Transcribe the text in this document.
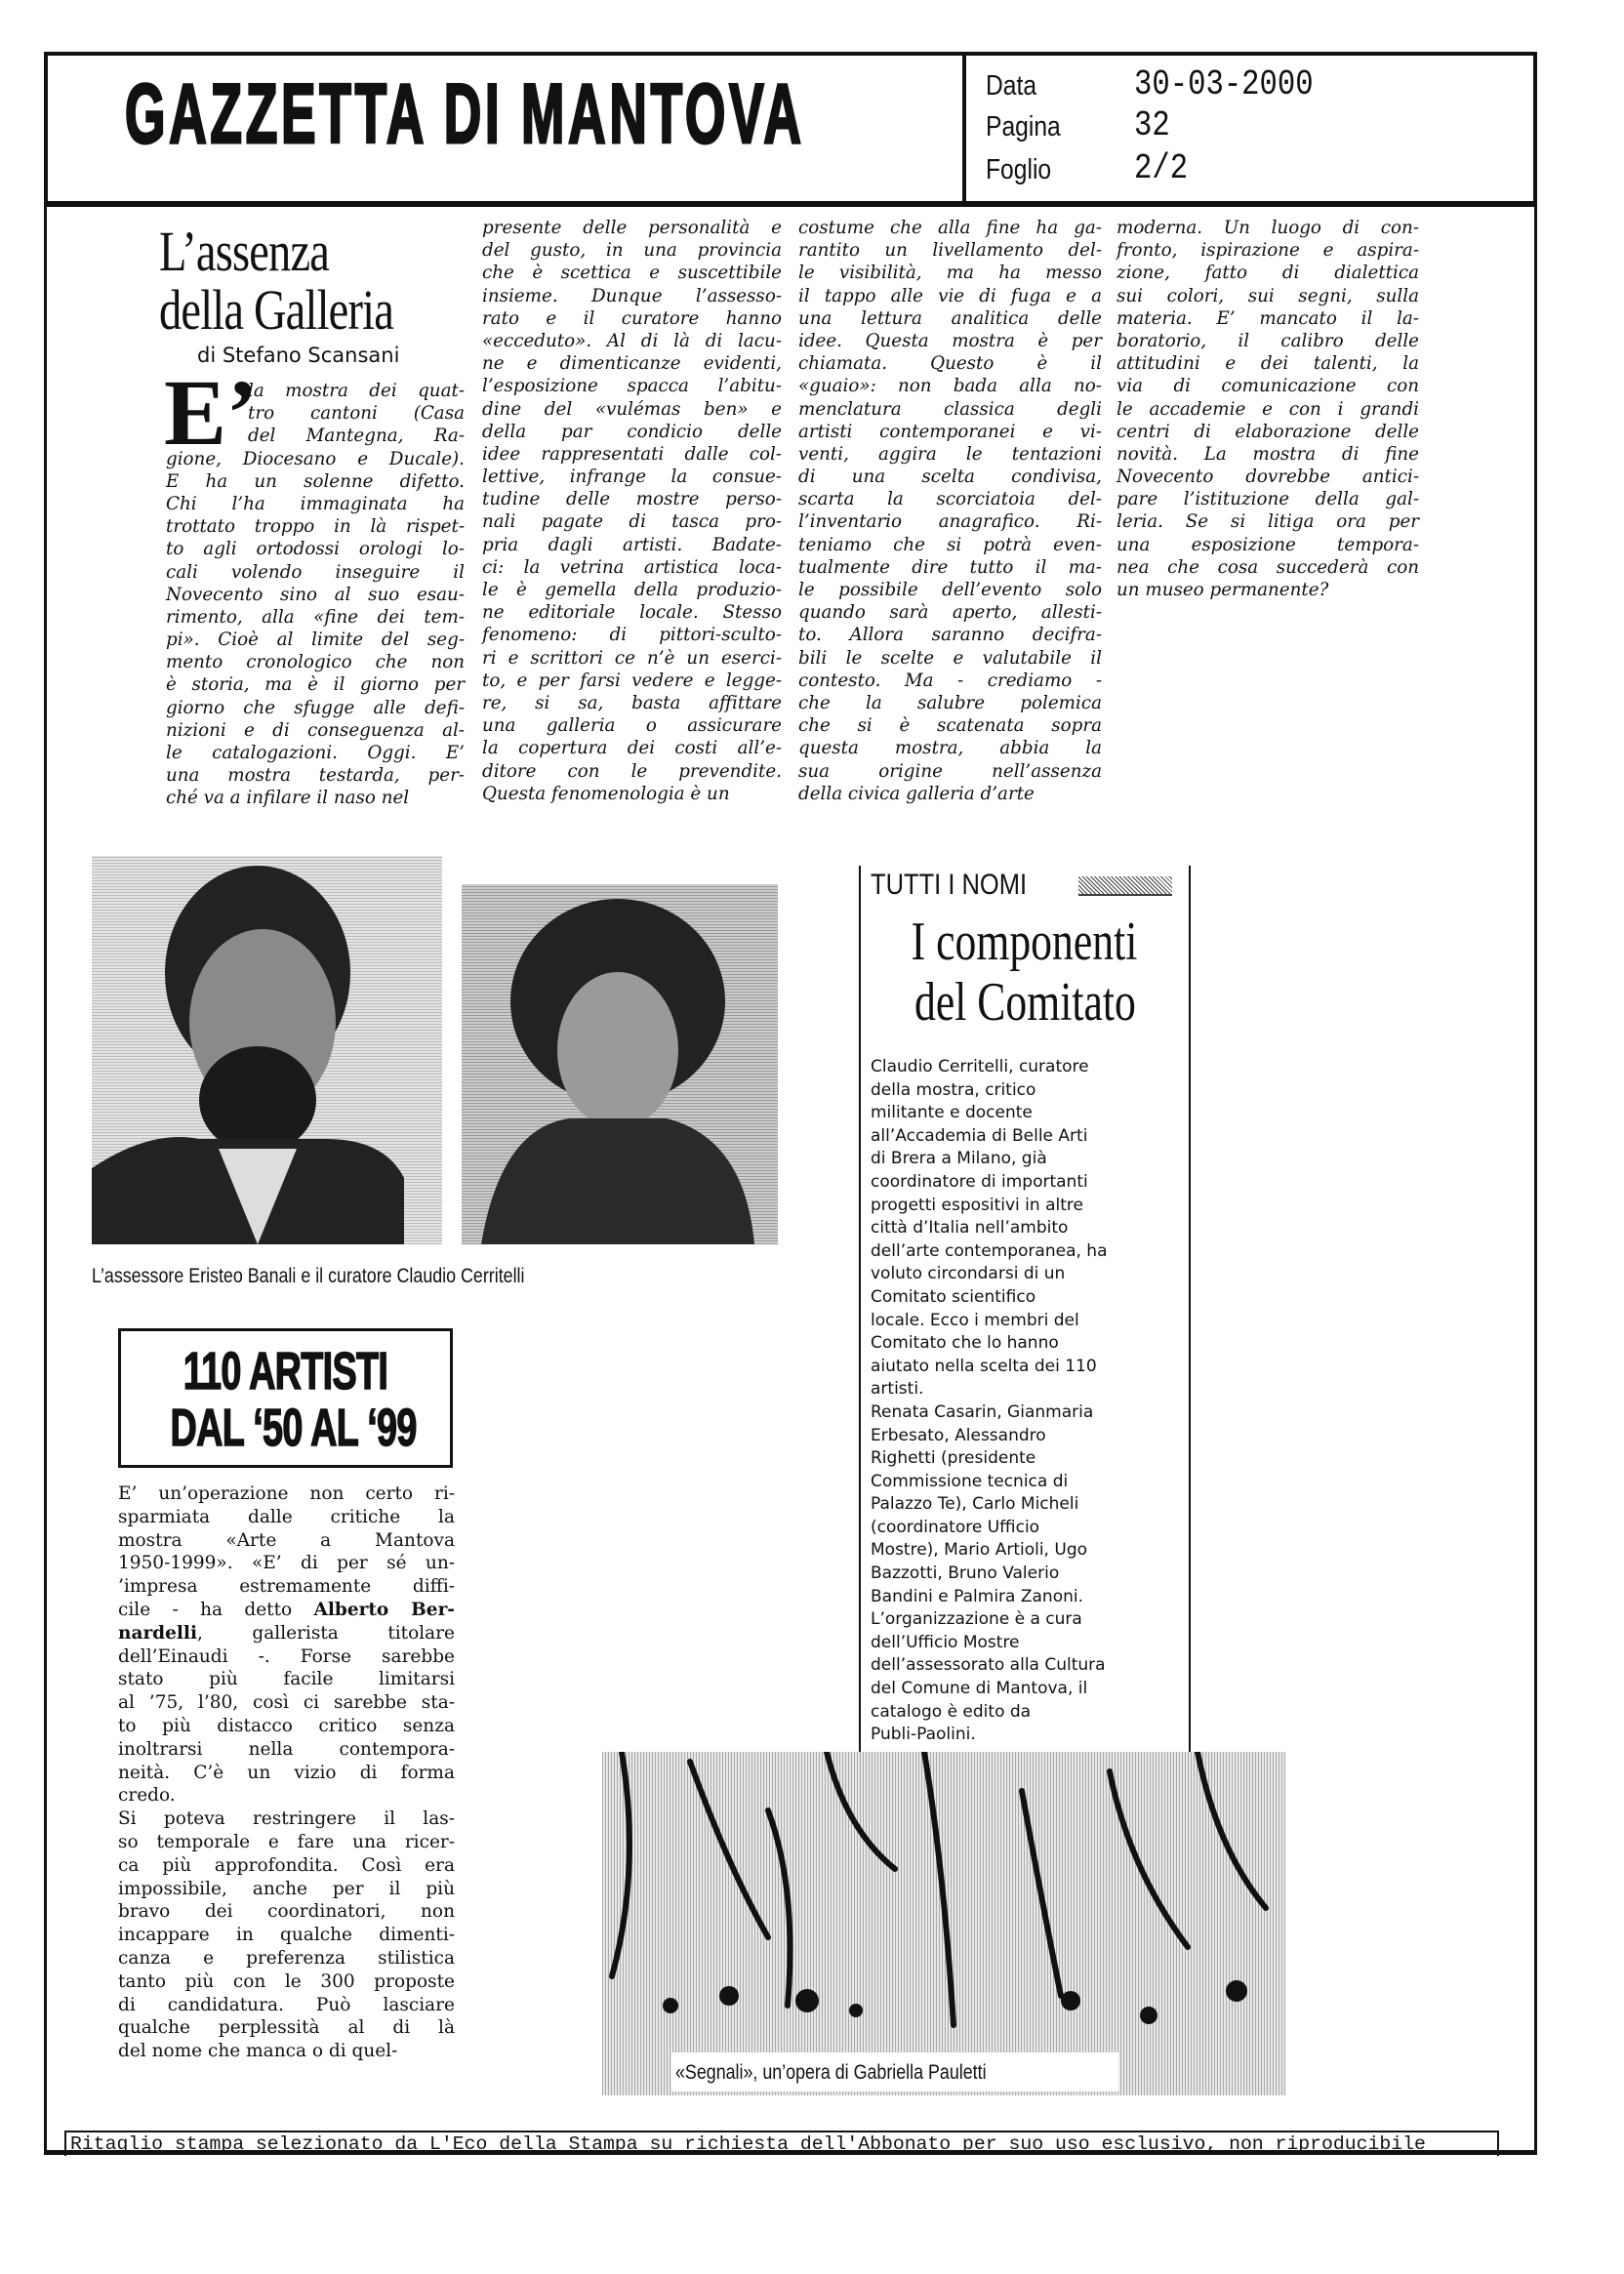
GAZZETTA DI MANTOVA	Data	30-03-2000
Pagina 32
Foglio 2/2
L’assenza
della Galleria
di Stefano Scansani
E’
la mostra dei quat-
tro cantoni (Casa
del Mantegna, Ra-
gione, Diocesano e Ducale).
E ha un solenne difetto.
Chi l’ha immaginata ha
trottato troppo in là rispet-
to agli ortodossi orologi lo-
cali volendo inseguire il
Novecento sino al suo esau-
rimento, alla «fine dei tem-
pi». Cioè al limite del seg-
mento cronologico che non
è storia, ma è il giorno per
giorno che sfugge alle defi-
nizioni e di conseguenza al-
le catalogazioni. Oggi. E’
una mostra testarda, per-
ché va a infilare il naso nel
presente delle personalità e
del gusto, in una provincia
che è scettica e suscettibile
insieme. Dunque l’assesso-
rato e il curatore hanno
«ecceduto». Al di là di lacu-
ne e dimenticanze evidenti,
l’esposizione spacca l’abitu-
dine del «vulémas ben» e
della par condicio delle
idee rappresentati dalle col-
lettive, infrange la consue-
tudine delle mostre perso-
nali pagate di tasca pro-
pria dagli artisti. Badate-
ci: la vetrina artistica loca-
le è gemella della produzio-
ne editoriale locale. Stesso
fenomeno: di pittori-sculto-
ri e scrittori ce n’è un eserci-
to, e per farsi vedere e legge-
re, si sa, basta affittare
una galleria o assicurare
la copertura dei costi all’e-
ditore con le prevendite.
Questa fenomenologia è un
costume che alla fine ha ga-
rantito un livellamento del-
le visibilità, ma ha messo
il tappo alle vie di fuga e a
una lettura analitica delle
idee. Questa mostra è per
chiamata. Questo è il
«guaio»: non bada alla no-
menclatura classica degli
artisti contemporanei e vi-
venti, aggira le tentazioni
di una scelta condivisa,
scarta la scorciatoia del-
l’inventario anagrafico. Ri-
teniamo che si potrà even-
tualmente dire tutto il ma-
le possibile dell’evento solo
quando sarà aperto, allesti-
to. Allora saranno decifra-
bili le scelte e valutabile il
contesto. Ma - crediamo -
che la salubre polemica
che si è scatenata sopra
questa mostra, abbia la
sua origine nell’assenza
della civica galleria d’arte
moderna. Un luogo di con-
fronto, ispirazione e aspira-
zione, fatto di dialettica
sui colori, sui segni, sulla
materia. E’ mancato il la-
boratorio, il calibro delle
attitudini e dei talenti, la
via di comunicazione con
le accademie e con i grandi
centri di elaborazione delle
novità. La mostra di fine
Novecento dovrebbe antici-
pare l’istituzione della gal-
leria. Se si litiga ora per
una esposizione tempora-
nea che cosa succederà con
un museo permanente?
L’assessore Eristeo Banali e il curatore Claudio Cerritelli
110 ARTISTI
DAL ‘50 AL ‘99
E’ un’operazione non certo ri-
sparmiata dalle critiche la
mostra «Arte a Mantova
1950-1999». «E’ di per sé un-
’impresa estremamente diffi-
cile - ha detto Alberto Ber-
nardelli, gallerista titolare
dell’Einaudi -. Forse sarebbe
stato più facile limitarsi
al ’75, l’80, così ci sarebbe sta-
to più distacco critico senza
inoltrarsi nella contempora-
neità. C’è un vizio di forma
credo.
Si poteva restringere il las-
so temporale e fare una ricer-
ca più approfondita. Così era
impossibile, anche per il più
bravo dei coordinatori, non
incappare in qualche dimenti-
canza e preferenza stilistica
tanto più con le 300 proposte
di candidatura. Può lasciare
qualche perplessità al di là
del nome che manca o di quel-
TUTTI I NOMI
I componenti
del Comitato
Claudio Cerritelli, curatore
della mostra, critico
militante e docente
all’Accademia di Belle Arti
di Brera a Milano, già
coordinatore di importanti
progetti espositivi in altre
città d’Italia nell’ambito
dell’arte contemporanea, ha
voluto circondarsi di un
Comitato scientifico
locale. Ecco i membri del
Comitato che lo hanno
aiutato nella scelta dei 110
artisti.
Renata Casarin, Gianmaria
Erbesato, Alessandro
Righetti (presidente
Commissione tecnica di
Palazzo Te), Carlo Micheli
(coordinatore Ufficio
Mostre), Mario Artioli, Ugo
Bazzotti, Bruno Valerio
Bandini e Palmira Zanoni.
L’organizzazione è a cura
dell’Ufficio Mostre
dell’assessorato alla Cultura
del Comune di Mantova, il
catalogo è edito da
Publi-Paolini.
«Segnali», un’opera di Gabriella Pauletti
Ritaglio stampa selezionato da L'Eco della Stampa su richiesta dell'Abbonato per suo uso esclusivo, non riproducibile
